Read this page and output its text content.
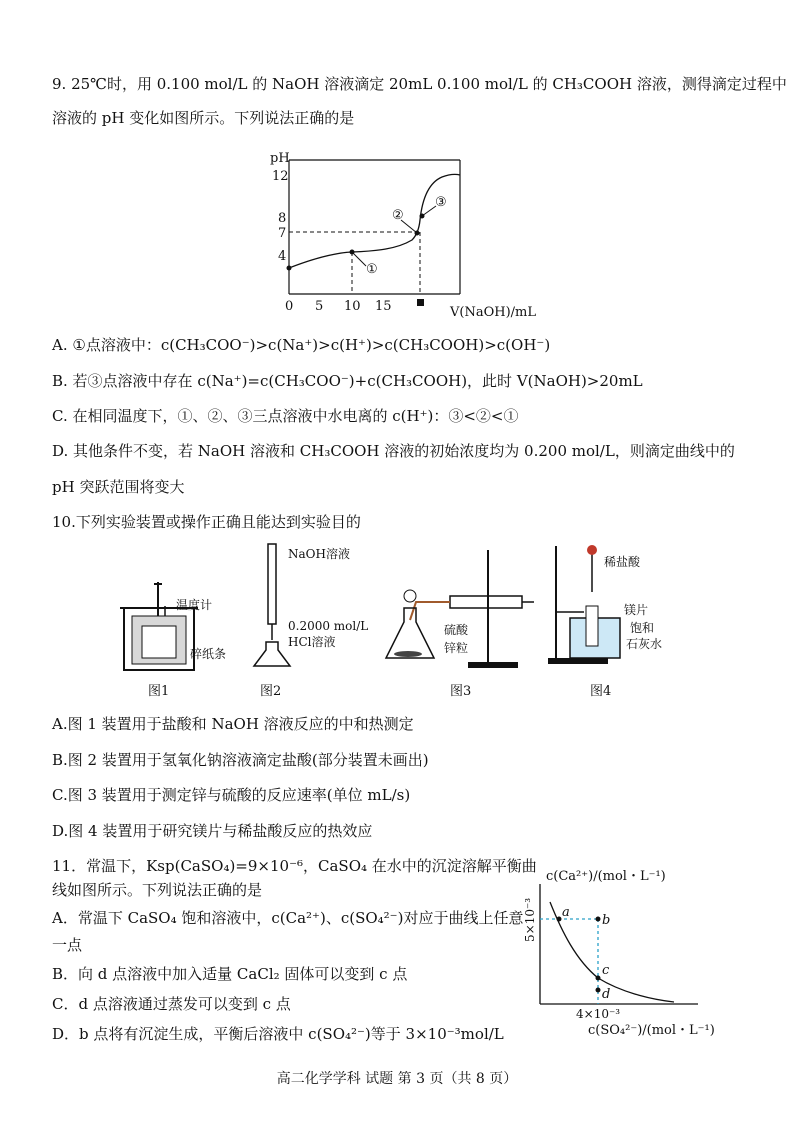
9. 25℃时，用 0.100 mol/L 的 NaOH 溶液滴定 20mL 0.100 mol/L 的 CH₃COOH 溶液，测得滴定过程中
溶液的 pH 变化如图所示。下列说法正确的是
pH
12
8
7
4
0 5 10 15	V(NaOH)/mL
①
②
③
A. ①点溶液中：c(CH₃COO⁻)>c(Na⁺)>c(H⁺)>c(CH₃COOH)>c(OH⁻)
B. 若③点溶液中存在 c(Na⁺)=c(CH₃COO⁻)+c(CH₃COOH)，此时 V(NaOH)>20mL
C. 在相同温度下，①、②、③三点溶液中水电离的 c(H⁺)：③<②<①
D. 其他条件不变，若 NaOH 溶液和 CH₃COOH 溶液的初始浓度均为 0.200 mol/L，则滴定曲线中的
pH 突跃范围将变大
10.下列实验装置或操作正确且能达到实验目的
温度计
碎纸条
图1
NaOH溶液
0.2000 mol/L
HCl溶液
图2
硫酸
锌粒
图3
稀盐酸
镁片
饱和
石灰水
图4
A.图 1 装置用于盐酸和 NaOH 溶液反应的中和热测定
B.图 2 装置用于氢氧化钠溶液滴定盐酸(部分装置未画出)
C.图 3 装置用于测定锌与硫酸的反应速率(单位 mL/s)
D.图 4 装置用于研究镁片与稀盐酸反应的热效应
11．常温下，Ksp(CaSO₄)=9×10⁻⁶，CaSO₄ 在水中的沉淀溶解平衡曲
线如图所示。下列说法正确的是
A．常温下 CaSO₄ 饱和溶液中，c(Ca²⁺)、c(SO₄²⁻)对应于曲线上任意
一点
B．向 d 点溶液中加入适量 CaCl₂ 固体可以变到 c 点
C．d 点溶液通过蒸发可以变到 c 点
D．b 点将有沉淀生成，平衡后溶液中 c(SO₄²⁻)等于 3×10⁻³mol/L
c(Ca²⁺)/(mol・L⁻¹)
5×10⁻³ a
b
c
d
4×10⁻³
c(SO₄²⁻)/(mol・L⁻¹)
高二化学学科 试题 第 3 页（共 8 页）
